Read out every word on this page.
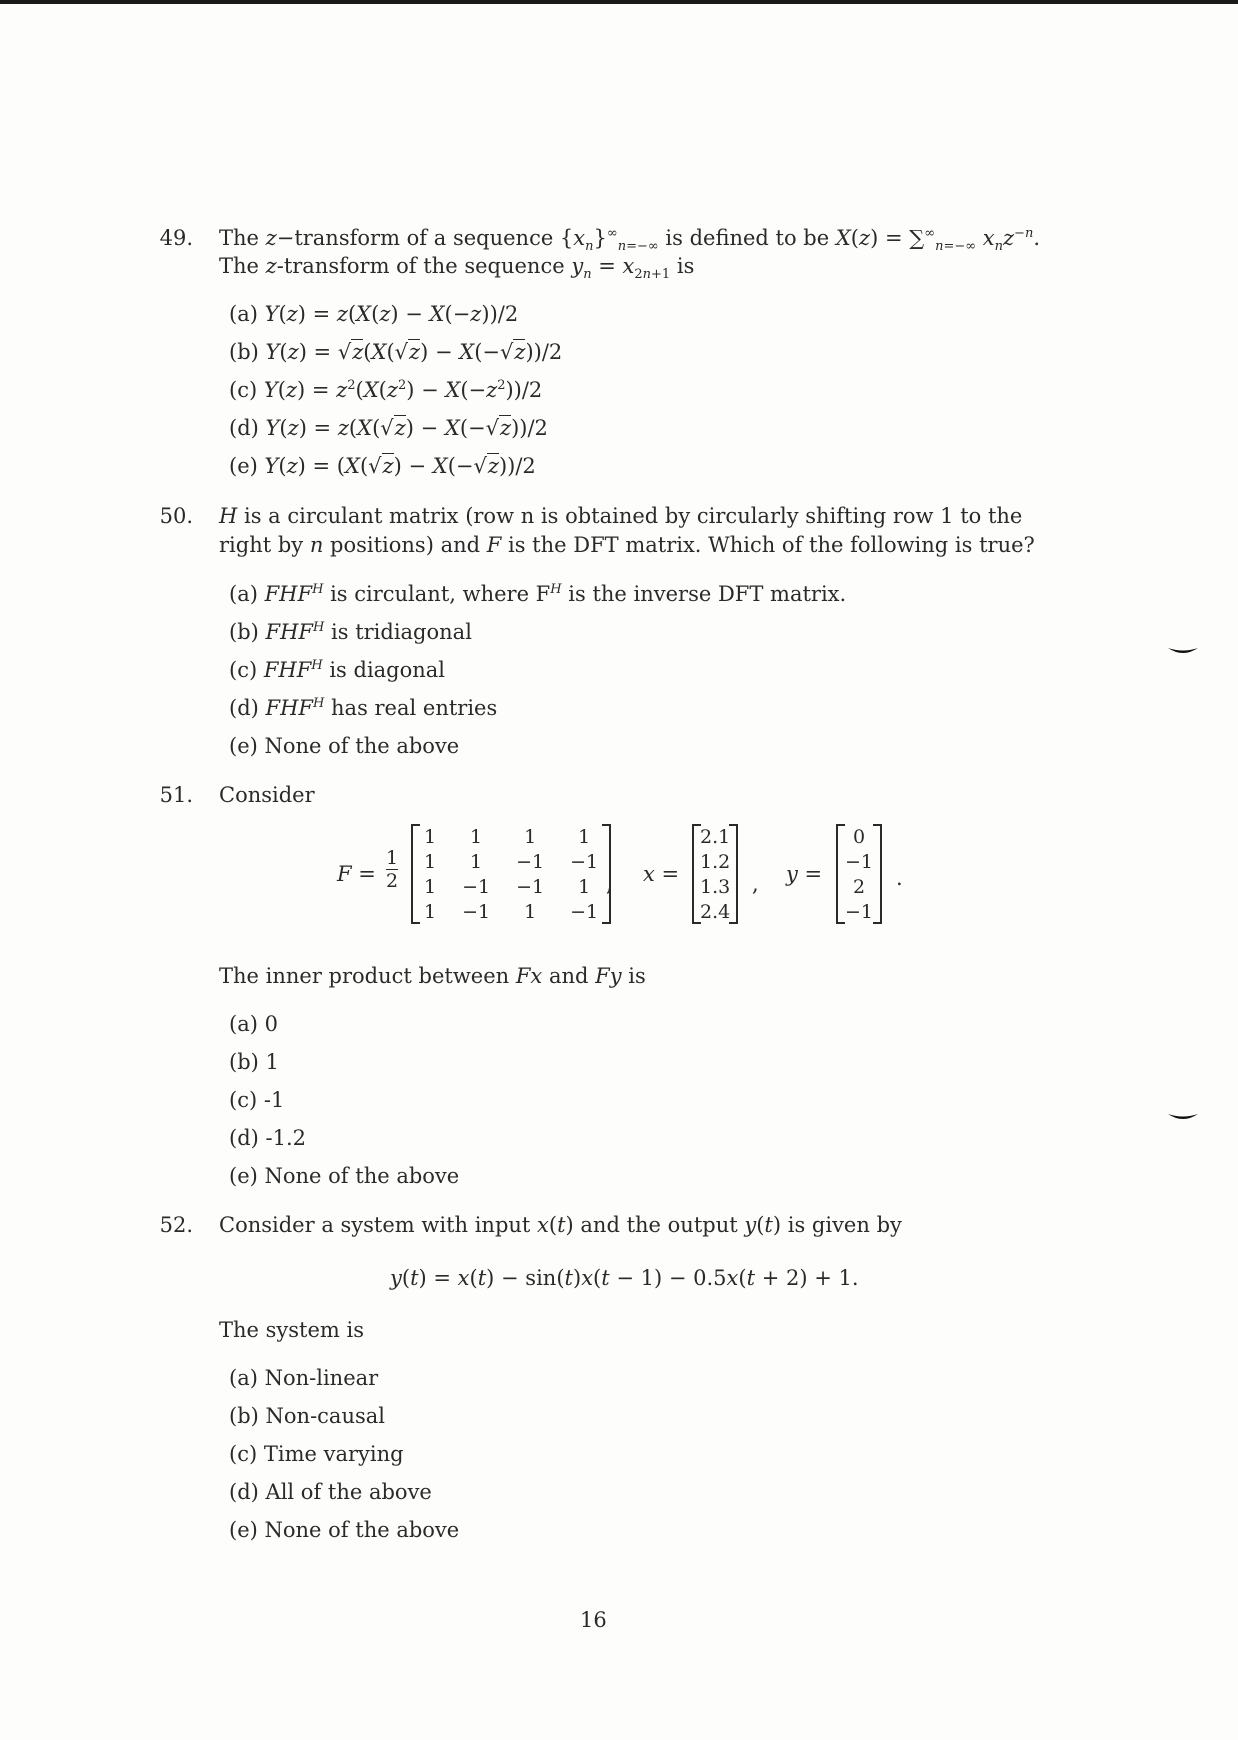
49. The z−transform of a sequence $\{x_n\}^\infty_{n=-\infty}$ is defined to be $X(z) = \sum^\infty_{n=-\infty}$ $x_nz^{-n}$.
The z-transform of the sequence $y_n = x_{2n+1}$ is
(a) Y(z) = z(X(z) − X(−z))/2
(b) Y(z) = √z(X(√z) − X(−√z))/2
(c) $Y(z) = z^2(X(z^2) - X(-z^2))/2$
(d) Y(z) = z(X(√z) − X(−√z))/2
(e) Y(z) = (X(√z) − X(−√z))/2
50. H is a circulant matrix (row n is obtained by circularly shifting row 1 to the
right by n positions) and F is the DFT matrix. Which of the following is true?
(a) $FHF^H$ is circulant, where $F^H$ is the inverse DFT matrix.
(b) $FHF^H$ is tridiagonal
(c) $FHF^H$ is diagonal
(d) $FHF^H$ has real entries
(e) None of the above
51. Consider
$F = \frac{1}{2}$
1	1	1	1
1	1	−1	−1
1	−1	−1	1
1	−1	1	−1
, x =
2.1
1.2
1.3
2.4
, y =
0
−1
2
−1
.
The inner product between Fx and Fy is
(a) 0
(b) 1
(c) -1
(d) -1.2
(e) None of the above
52. Consider a system with input x(t) and the output y(t) is given by
y(t) = x(t) − sin(t)x(t − 1) − 0.5x(t + 2) + 1.
The system is
(a) Non-linear
(b) Non-causal
(c) Time varying
(d) All of the above
(e) None of the above
16
